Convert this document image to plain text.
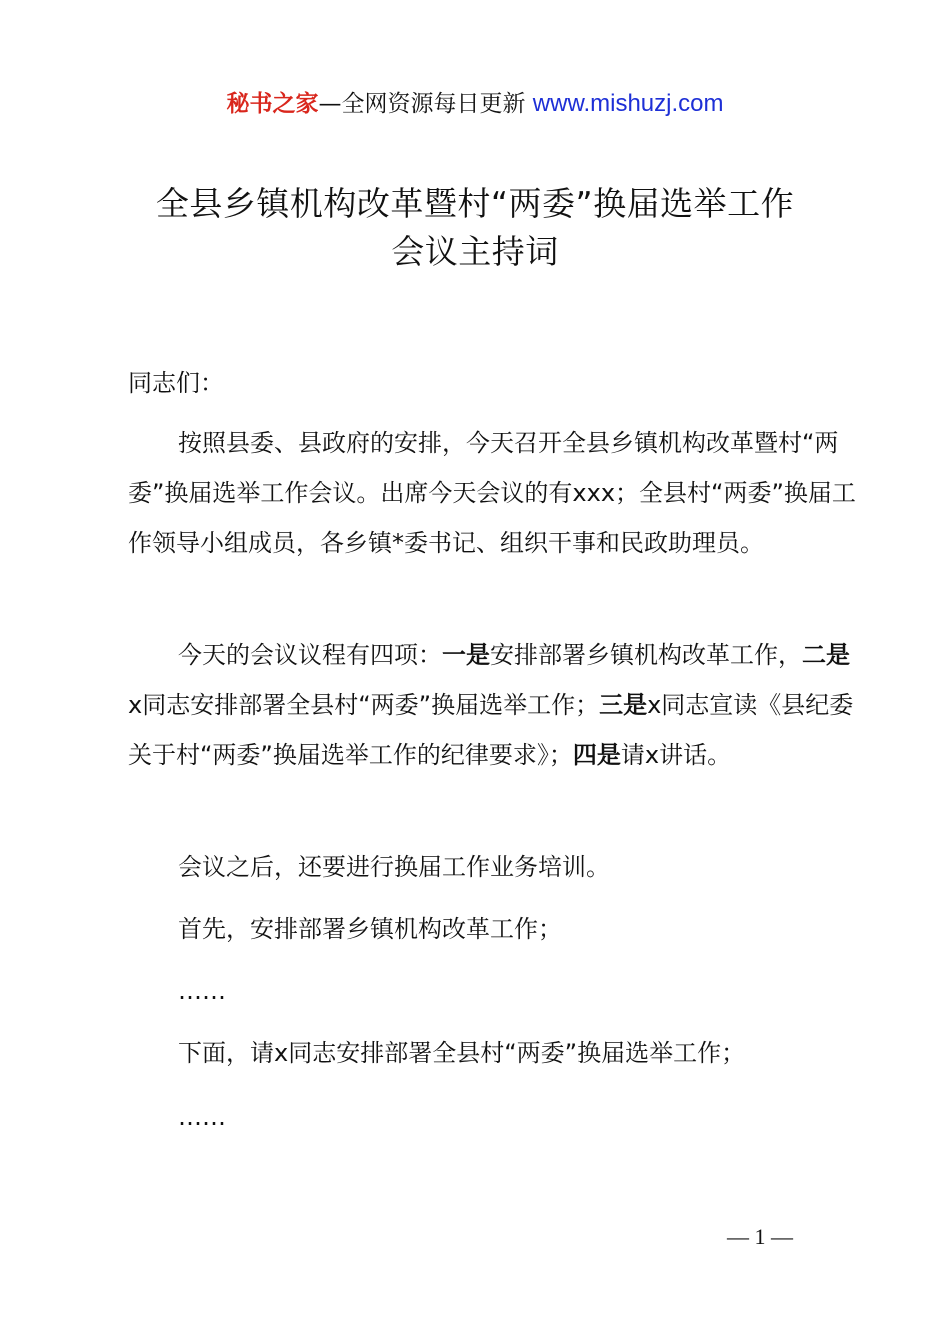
秘书之家—全网资源每日更新 www.mishuzj.com
全县乡镇机构改革暨村“两委”换届选举工作
会议主持词

同志们：

按照县委、县政府的安排，今天召开全县乡镇机构改革暨村“两委”换届选举工作会议。出席今天会议的有xxx；全县村“两委”换届工作领导小组成员，各乡镇*委书记、组织干事和民政助理员。

今天的会议议程有四项：一是安排部署乡镇机构改革工作，二是x同志安排部署全县村“两委”换届选举工作；三是x同志宣读《县纪委关于村“两委”换届选举工作的纪律要求》；四是请x讲话。

会议之后，还要进行换届工作业务培训。

首先，安排部署乡镇机构改革工作；

……

下面，请x同志安排部署全县村“两委”换届选举工作；

……

— 1 —
